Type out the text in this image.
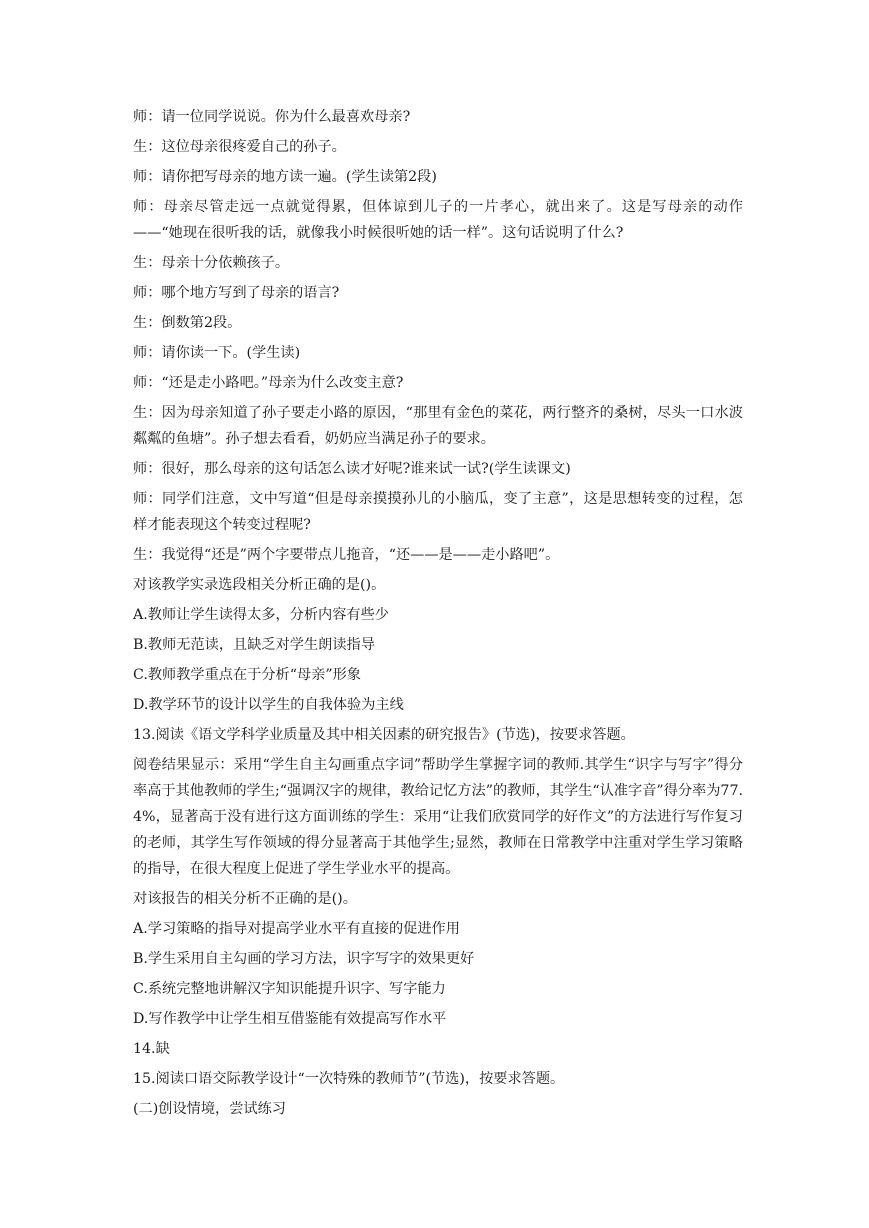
师：请一位同学说说。你为什么最喜欢母亲?

生：这位母亲很疼爱自己的孙子。

师：请你把写母亲的地方读一遍。(学生读第2段)

师：母亲尽管走远一点就觉得累，但体谅到儿子的一片孝心，就出来了。这是写母亲的动作——“她现在很听我的话，就像我小时候很听她的话一样”。这句话说明了什么?

生：母亲十分依赖孩子。

师：哪个地方写到了母亲的语言?

生：倒数第2段。

师：请你读一下。(学生读)

师：“还是走小路吧。”母亲为什么改变主意?

生：因为母亲知道了孙子要走小路的原因，“那里有金色的菜花，两行整齐的桑树，尽头一口水波粼粼的鱼塘”。孙子想去看看，奶奶应当满足孙子的要求。

师：很好，那么母亲的这句话怎么读才好呢?谁来试一试?(学生读课文)

师：同学们注意，文中写道“但是母亲摸摸孙儿的小脑瓜，变了主意”，这是思想转变的过程，怎样才能表现这个转变过程呢?

生：我觉得“还是”两个字要带点儿拖音，“还——是——走小路吧”。

对该教学实录选段相关分析正确的是()。

A.教师让学生读得太多，分析内容有些少

B.教师无范读，且缺乏对学生朗读指导

C.教师教学重点在于分析“母亲”形象

D.教学环节的设计以学生的自我体验为主线

13.阅读《语文学科学业质量及其中相关因素的研究报告》(节选)，按要求答题。

阅卷结果显示：采用“学生自主勾画重点字词”帮助学生掌握字词的教师.其学生“识字与写字”得分率高于其他教师的学生;“强调汉字的规律，教给记忆方法”的教师，其学生“认准字音”得分率为77.4%，显著高于没有进行这方面训练的学生：采用“让我们欣赏同学的好作文”的方法进行写作复习的老师，其学生写作领域的得分显著高于其他学生;显然，教师在日常教学中注重对学生学习策略的指导，在很大程度上促进了学生学业水平的提高。

对该报告的相关分析不正确的是()。

A.学习策略的指导对提高学业水平有直接的促进作用

B.学生采用自主勾画的学习方法，识字写字的效果更好

C.系统完整地讲解汉字知识能提升识字、写字能力

D.写作教学中让学生相互借鉴能有效提高写作水平

14.缺

15.阅读口语交际教学设计“一次特殊的教师节”(节选)，按要求答题。

(二)创设情境，尝试练习
